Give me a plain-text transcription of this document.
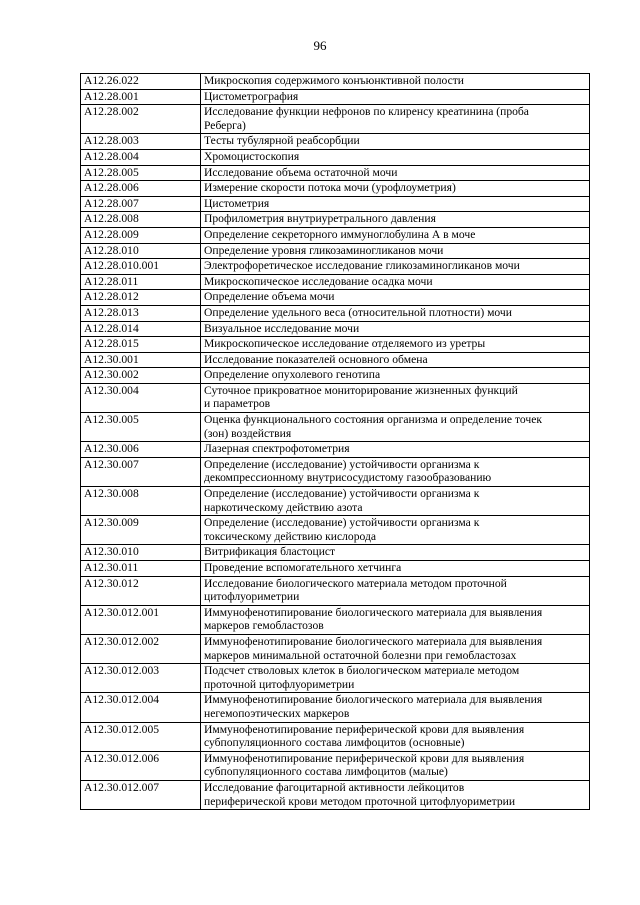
96
A12.26.022	Микроскопия содержимого конъюнктивной полости
A12.28.001	Цистометрография
A12.28.002	Исследование функции нефронов по клиренсу креатинина (проба
Реберга)
A12.28.003	Тесты тубулярной реабсорбции
A12.28.004	Хромоцистоскопия
A12.28.005	Исследование объема остаточной мочи
A12.28.006	Измерение скорости потока мочи (урофлоуметрия)
A12.28.007	Цистометрия
A12.28.008	Профилометрия внутриуретрального давления
A12.28.009	Определение секреторного иммуноглобулина А в моче
A12.28.010	Определение уровня гликозаминогликанов мочи
A12.28.010.001	Электрофоретическое исследование гликозаминогликанов мочи
A12.28.011	Микроскопическое исследование осадка мочи
A12.28.012	Определение объема мочи
A12.28.013	Определение удельного веса (относительной плотности) мочи
A12.28.014	Визуальное исследование мочи
A12.28.015	Микроскопическое исследование отделяемого из уретры
A12.30.001	Исследование показателей основного обмена
A12.30.002	Определение опухолевого генотипа
A12.30.004	Суточное прикроватное мониторирование жизненных функций
и параметров
A12.30.005	Оценка функционального состояния организма и определение точек
(зон) воздействия
A12.30.006	Лазерная спектрофотометрия
A12.30.007	Определение (исследование) устойчивости организма к
декомпрессионному внутрисосудистому газообразованию
A12.30.008	Определение (исследование) устойчивости организма к
наркотическому действию азота
A12.30.009	Определение (исследование) устойчивости организма к
токсическому действию кислорода
A12.30.010	Витрификация бластоцист
A12.30.011	Проведение вспомогательного хетчинга
A12.30.012	Исследование биологического материала методом проточной
цитофлуориметрии
A12.30.012.001	Иммунофенотипирование биологического материала для выявления
маркеров гемобластозов
A12.30.012.002	Иммунофенотипирование биологического материала для выявления
маркеров минимальной остаточной болезни при гемобластозах
A12.30.012.003	Подсчет стволовых клеток в биологическом материале методом
проточной цитофлуориметрии
A12.30.012.004	Иммунофенотипирование биологического материала для выявления
негемопоэтических маркеров
A12.30.012.005	Иммунофенотипирование периферической крови для выявления
субпопуляционного состава лимфоцитов (основные)
A12.30.012.006	Иммунофенотипирование периферической крови для выявления
субпопуляционного состава лимфоцитов (малые)
A12.30.012.007	Исследование фагоцитарной активности лейкоцитов
периферической крови методом проточной цитофлуориметрии
